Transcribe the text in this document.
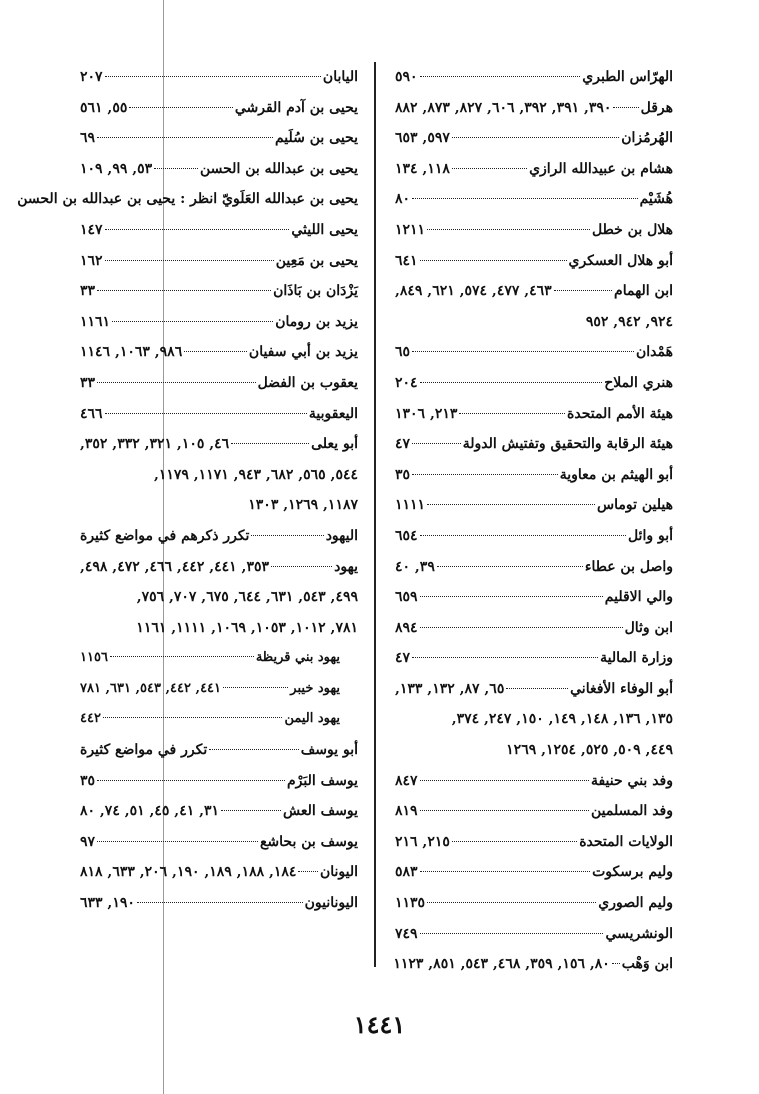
الهرّاس الطبري
٥٩٠
هرقل
٣٩٠, ٣٩١, ٣٩٢, ٦٠٦, ٨٢٧, ٨٧٣, ٨٨٢
الهُرمُزان
٥٩٧, ٦٥٣
هشام بن عبيدالله الرازي
١١٨, ١٣٤
هُشَيْم
٨٠
هلال بن خطل
١٢١١
أبو هلال العسكري
٦٤١
ابن الهمام
٤٦٣, ٤٧٧, ٥٧٤, ٦٢١, ٨٤٩,
٩٢٤, ٩٤٢, ٩٥٢
هَمْدان
٦٥
هنري الملاح
٢٠٤
هيئة الأمم المتحدة
٢١٣, ١٣٠٦
هيئة الرقابة والتحقيق وتفتيش الدولة
٤٧
أبو الهيثم بن معاوية
٣٥
هيلين توماس
١١١١
أبو وائل
٦٥٤
واصل بن عطاء
٣٩, ٤٠
والي الاقليم
٦٥٩
ابن وثال
٨٩٤
وزارة المالية
٤٧
أبو الوفاء الأفغاني
٦٥, ٨٧, ١٣٢, ١٣٣,
١٣٥, ١٣٦, ١٤٨, ١٤٩, ١٥٠, ٢٤٧, ٣٧٤,
٤٤٩, ٥٠٩, ٥٢٥, ١٢٥٤, ١٢٦٩
وفد بني حنيفة
٨٤٧
وفد المسلمين
٨١٩
الولايات المتحدة
٢١٥, ٢١٦
وليم برسكوت
٥٨٣
وليم الصوري
١١٣٥
الونشريسي
٧٤٩
ابن وَهْب
٨٠, ١٥٦, ٣٥٩, ٤٦٨, ٥٤٣, ٨٥١, ١١٢٣
اليابان
٢٠٧
يحيى بن آدم القرشي
٥٥, ٥٦١
يحيى بن سُلَيم
٦٩
يحيى بن عبدالله بن الحسن
٥٣, ٩٩, ١٠٩
يحيى بن عبدالله العَلَويّ انظر : يحيى بن عبدالله بن الحسن
يحيى الليثي
١٤٧
يحيى بن مَعِين
١٦٢
يَزْدَان بن بَاذَان
٣٣
يزيد بن رومان
١١٦١
يزيد بن أبي سفيان
٩٨٦, ١٠٦٣, ١١٤٦
يعقوب بن الفضل
٣٣
اليعقوبية
٤٦٦
أبو يعلى
٤٦, ١٠٥, ٣٢١, ٣٣٢, ٣٥٢,
٥٤٤, ٥٦٥, ٦٨٢, ٩٤٣, ١١٧١, ١١٧٩,
١١٨٧, ١٢٦٩, ١٣٠٣
اليهود
تكرر ذكرهم في مواضع كثيرة
يهود
٣٥٣, ٤٤١, ٤٤٢, ٤٦٦, ٤٧٢, ٤٩٨,
٤٩٩, ٥٤٣, ٦٣١, ٦٤٤, ٦٧٥, ٧٠٧, ٧٥٦,
٧٨١, ١٠١٢, ١٠٥٣, ١٠٦٩, ١١١١, ١١٦١
يهود بني قريظة
١١٥٦
يهود خيبر
٤٤١, ٤٤٢, ٥٤٣, ٦٣١, ٧٨١
يهود اليمن
٤٤٢
أبو يوسف
تكرر في مواضع كثيرة
يوسف البَرْم
٣٥
يوسف العش
٣١, ٤١, ٤٥, ٥١, ٧٤, ٨٠
يوسف بن بحاشع
٩٧
اليونان
١٨٤, ١٨٨, ١٨٩, ١٩٠, ٢٠٦, ٦٣٣, ٨١٨
اليونانيون
١٩٠, ٦٣٣
١٤٤١
